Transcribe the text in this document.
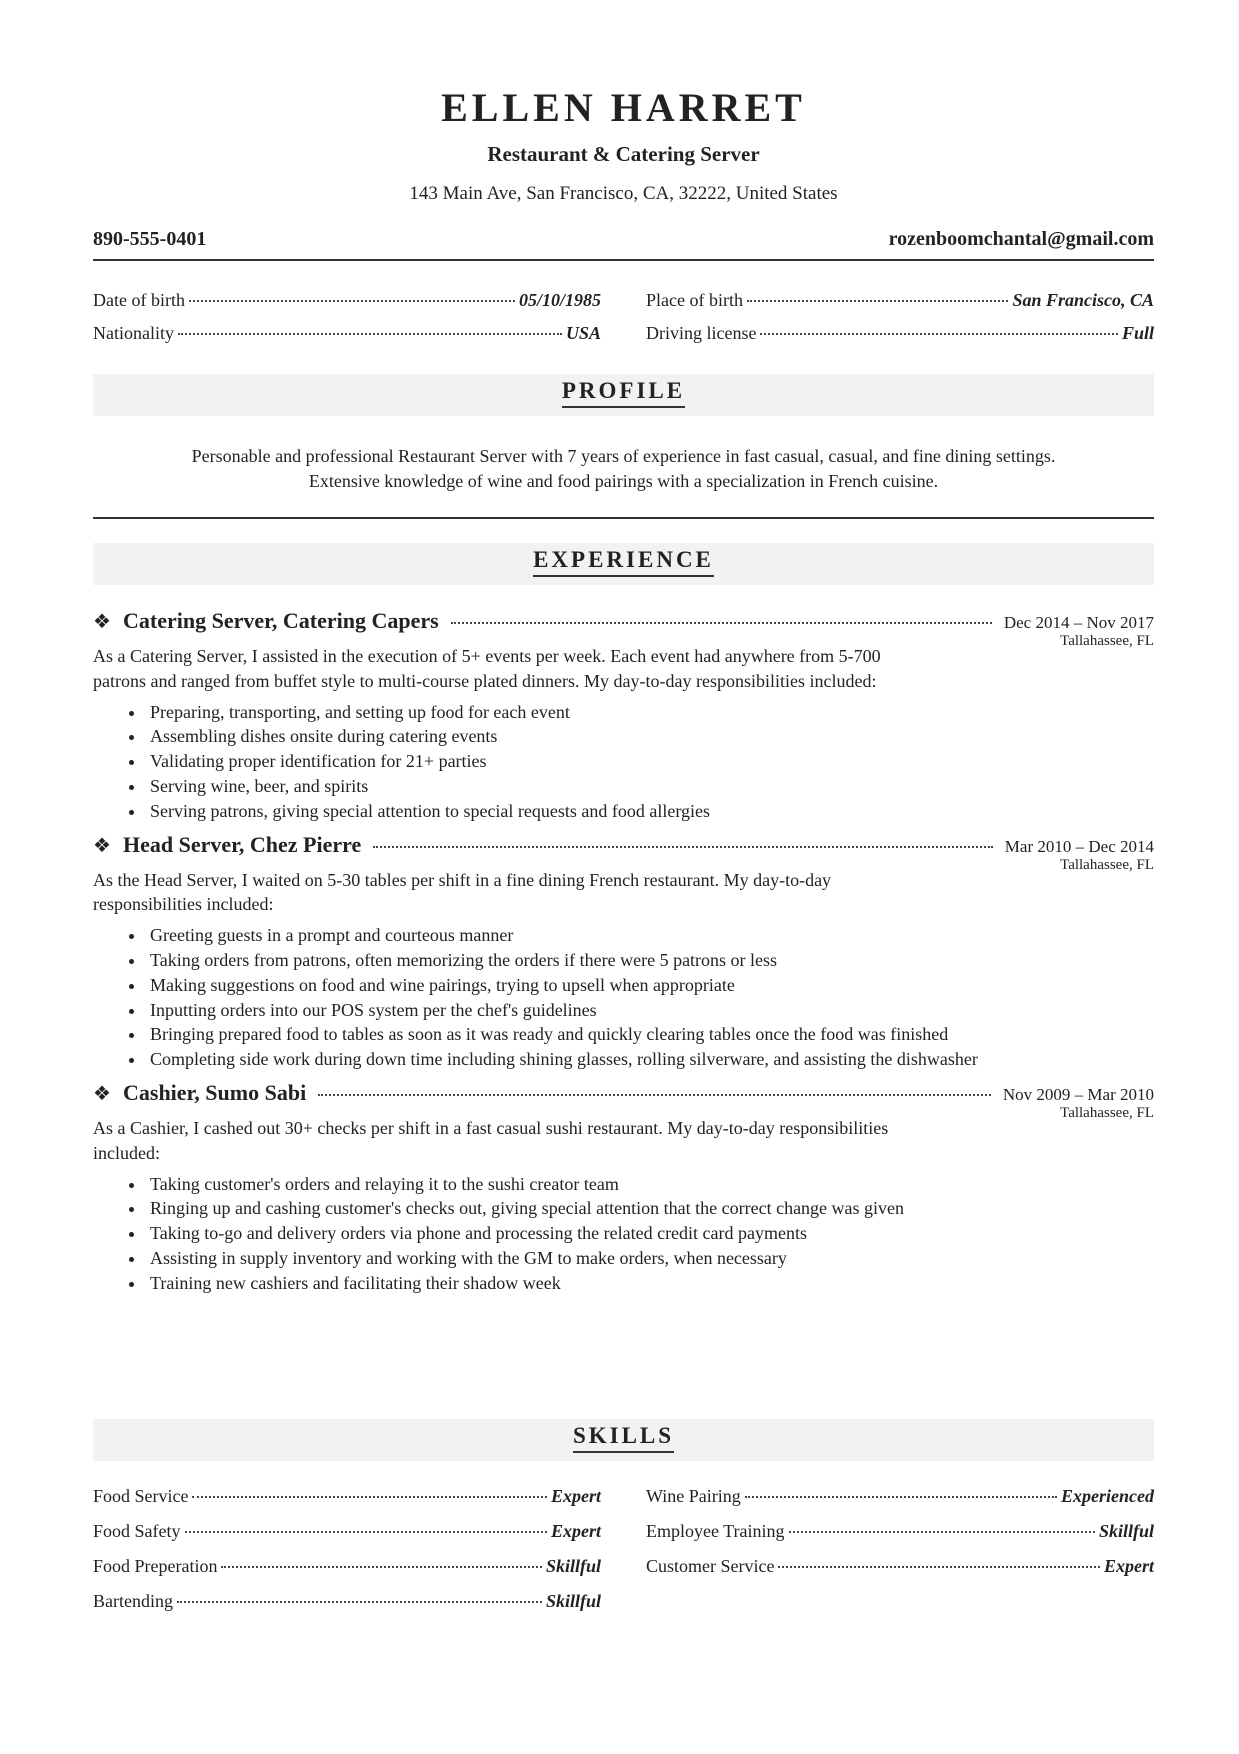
ELLEN HARRET
Restaurant & Catering Server
143 Main Ave, San Francisco, CA, 32222, United States
890-555-0401	rozenboomchantal@gmail.com
Date of birth	05/10/1985	Place of birth	San Francisco, CA
Nationality	USA	Driving license	Full
PROFILE
Personable and professional Restaurant Server with 7 years of experience in fast casual, casual, and fine dining settings.
Extensive knowledge of wine and food pairings with a specialization in French cuisine.
EXPERIENCE
❖ Catering Server, Catering Capers	Dec 2014 – Nov 2017
Tallahassee, FL
As a Catering Server, I assisted in the execution of 5+ events per week. Each event had anywhere from 5-700 patrons and ranged from buffet style to multi-course plated dinners. My day-to-day responsibilities included:
• Preparing, transporting, and setting up food for each event
• Assembling dishes onsite during catering events
• Validating proper identification for 21+ parties
• Serving wine, beer, and spirits
• Serving patrons, giving special attention to special requests and food allergies
❖ Head Server, Chez Pierre	Mar 2010 – Dec 2014
Tallahassee, FL
As the Head Server, I waited on 5-30 tables per shift in a fine dining French restaurant. My day-to-day responsibilities included:
• Greeting guests in a prompt and courteous manner
• Taking orders from patrons, often memorizing the orders if there were 5 patrons or less
• Making suggestions on food and wine pairings, trying to upsell when appropriate
• Inputting orders into our POS system per the chef's guidelines
• Bringing prepared food to tables as soon as it was ready and quickly clearing tables once the food was finished
• Completing side work during down time including shining glasses, rolling silverware, and assisting the dishwasher
❖ Cashier, Sumo Sabi	Nov 2009 – Mar 2010
Tallahassee, FL
As a Cashier, I cashed out 30+ checks per shift in a fast casual sushi restaurant. My day-to-day responsibilities included:
• Taking customer's orders and relaying it to the sushi creator team
• Ringing up and cashing customer's checks out, giving special attention that the correct change was given
• Taking to-go and delivery orders via phone and processing the related credit card payments
• Assisting in supply inventory and working with the GM to make orders, when necessary
• Training new cashiers and facilitating their shadow week
SKILLS
Food Service	Expert	Wine Pairing	Experienced
Food Safety	Expert	Employee Training	Skillful
Food Preperation	Skillful	Customer Service	Expert
Bartending	Skillful
